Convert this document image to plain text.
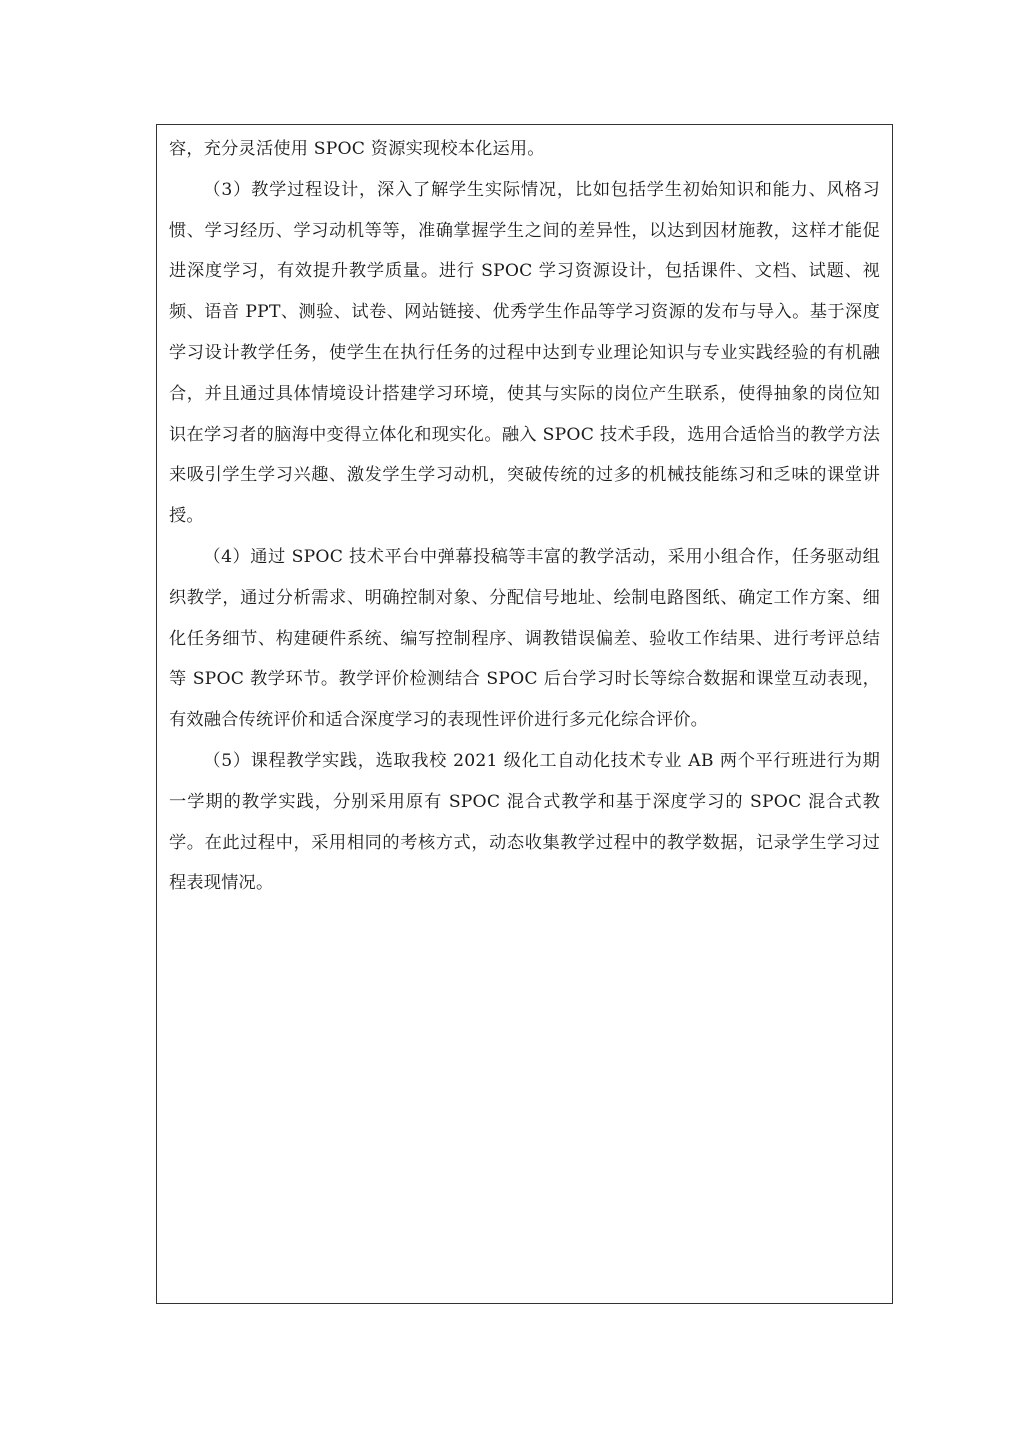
容，充分灵活使用 SPOC 资源实现校本化运用。

（3）教学过程设计，深入了解学生实际情况，比如包括学生初始知识和能力、风格习惯、学习经历、学习动机等等，准确掌握学生之间的差异性，以达到因材施教，这样才能促进深度学习，有效提升教学质量。进行 SPOC 学习资源设计，包括课件、文档、试题、视频、语音 PPT、测验、试卷、网站链接、优秀学生作品等学习资源的发布与导入。基于深度学习设计教学任务，使学生在执行任务的过程中达到专业理论知识与专业实践经验的有机融合，并且通过具体情境设计搭建学习环境，使其与实际的岗位产生联系，使得抽象的岗位知识在学习者的脑海中变得立体化和现实化。融入 SPOC 技术手段，选用合适恰当的教学方法来吸引学生学习兴趣、激发学生学习动机，突破传统的过多的机械技能练习和乏味的课堂讲授。

（4）通过 SPOC 技术平台中弹幕投稿等丰富的教学活动，采用小组合作，任务驱动组织教学，通过分析需求、明确控制对象、分配信号地址、绘制电路图纸、确定工作方案、细化任务细节、构建硬件系统、编写控制程序、调教错误偏差、验收工作结果、进行考评总结等 SPOC 教学环节。教学评价检测结合 SPOC 后台学习时长等综合数据和课堂互动表现，有效融合传统评价和适合深度学习的表现性评价进行多元化综合评价。

（5）课程教学实践，选取我校 2021 级化工自动化技术专业 AB 两个平行班进行为期一学期的教学实践，分别采用原有 SPOC 混合式教学和基于深度学习的 SPOC 混合式教学。在此过程中，采用相同的考核方式，动态收集教学过程中的教学数据，记录学生学习过程表现情况。
